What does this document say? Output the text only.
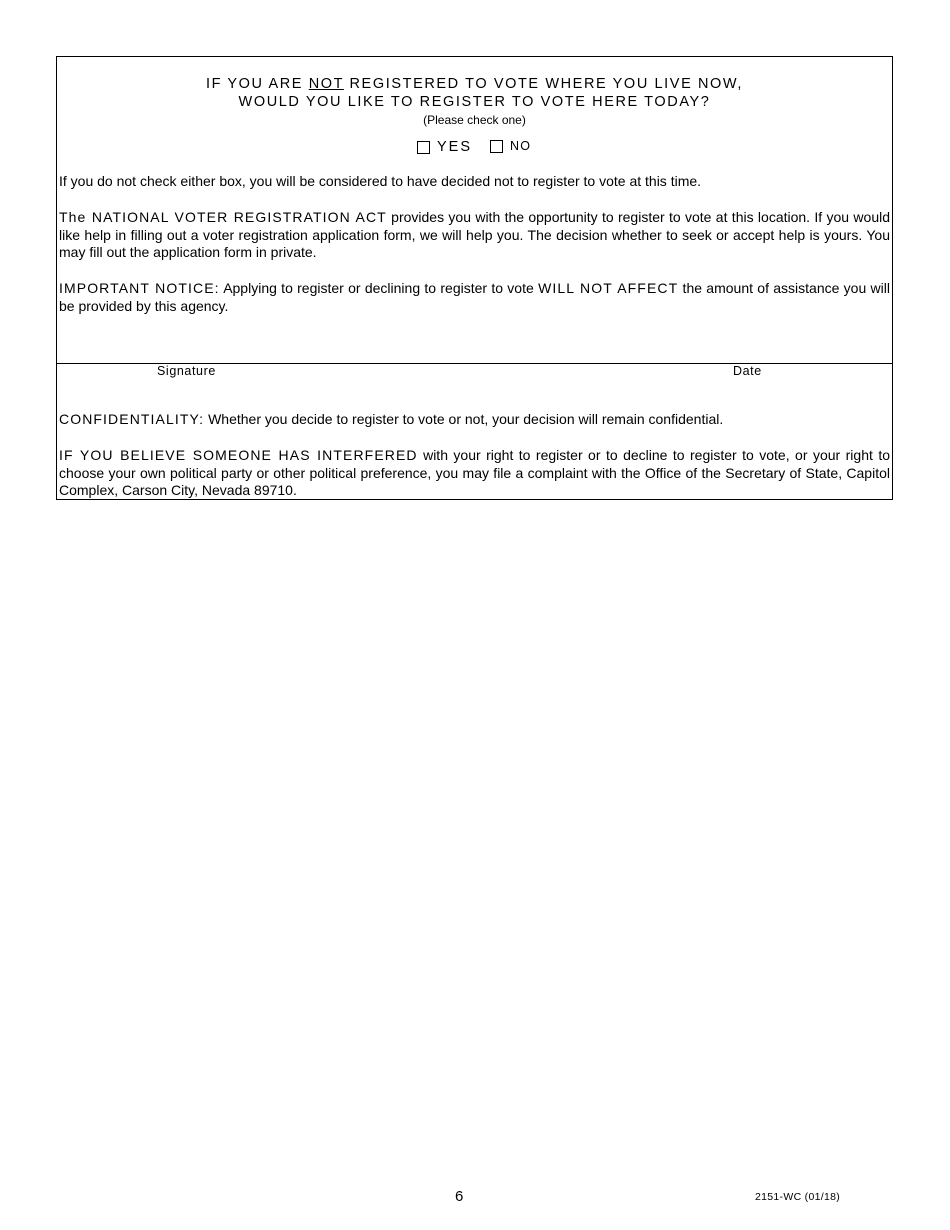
IF YOU ARE NOT REGISTERED TO VOTE WHERE YOU LIVE NOW,
WOULD YOU LIKE TO REGISTER TO VOTE HERE TODAY?
(Please check one)
YES	NO
If you do not check either box, you will be considered to have decided not to register to vote at this time.
The NATIONAL VOTER REGISTRATION ACT provides you with the opportunity to register to vote at this location. If you would like help in filling out a voter registration application form, we will help you. The decision whether to seek or accept help is yours. You may fill out the application form in private.
IMPORTANT NOTICE: Applying to register or declining to register to vote WILL NOT AFFECT the amount of assistance you will be provided by this agency.
Signature	Date
CONFIDENTIALITY: Whether you decide to register to vote or not, your decision will remain confidential.
IF YOU BELIEVE SOMEONE HAS INTERFERED with your right to register or to decline to register to vote, or your right to choose your own political party or other political preference, you may file a complaint with the Office of the Secretary of State, Capitol Complex, Carson City, Nevada 89710.
6	2151-WC (01/18)
